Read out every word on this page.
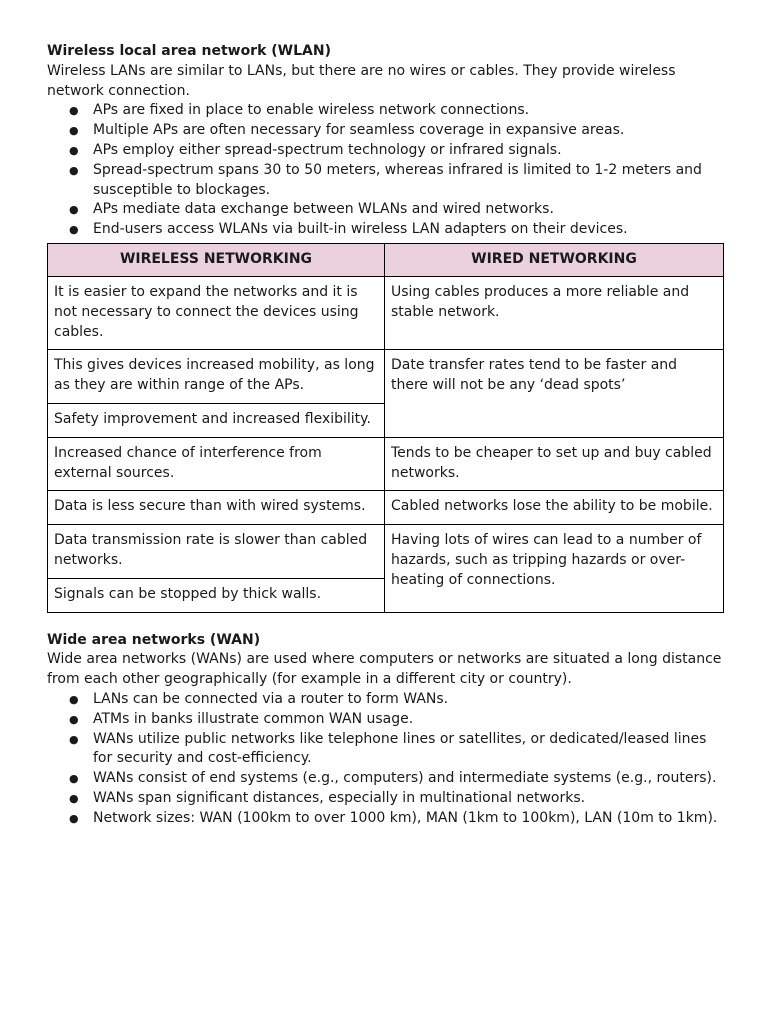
Wireless local area network (WLAN)

Wireless LANs are similar to LANs, but there are no wires or cables. They provide wireless network connection.

● APs are fixed in place to enable wireless network connections.
● Multiple APs are often necessary for seamless coverage in expansive areas.
● APs employ either spread-spectrum technology or infrared signals.
● Spread-spectrum spans 30 to 50 meters, whereas infrared is limited to 1-2 meters and susceptible to blockages.
● APs mediate data exchange between WLANs and wired networks.
● End-users access WLANs via built-in wireless LAN adapters on their devices.
WIRELESS NETWORKING	WIRED NETWORKING
It is easier to expand the networks and it is not necessary to connect the devices using cables.	Using cables produces a more reliable and stable network.
This gives devices increased mobility, as long as they are within range of the APs.	Date transfer rates tend to be faster and there will not be any ‘dead spots’
Safety improvement and increased flexibility.	
Increased chance of interference from external sources.	Tends to be cheaper to set up and buy cabled networks.
Data is less secure than with wired systems.	Cabled networks lose the ability to be mobile.
Data transmission rate is slower than cabled networks.	Having lots of wires can lead to a number of hazards, such as tripping hazards or over-heating of connections.
Signals can be stopped by thick walls.	

Wide area networks (WAN)

Wide area networks (WANs) are used where computers or networks are situated a long distance from each other geographically (for example in a different city or country).

● LANs can be connected via a router to form WANs.
● ATMs in banks illustrate common WAN usage.
● WANs utilize public networks like telephone lines or satellites, or dedicated/leased lines for security and cost-efficiency.
● WANs consist of end systems (e.g., computers) and intermediate systems (e.g., routers).
● WANs span significant distances, especially in multinational networks.
● Network sizes: WAN (100km to over 1000 km), MAN (1km to 100km), LAN (10m to 1km).
